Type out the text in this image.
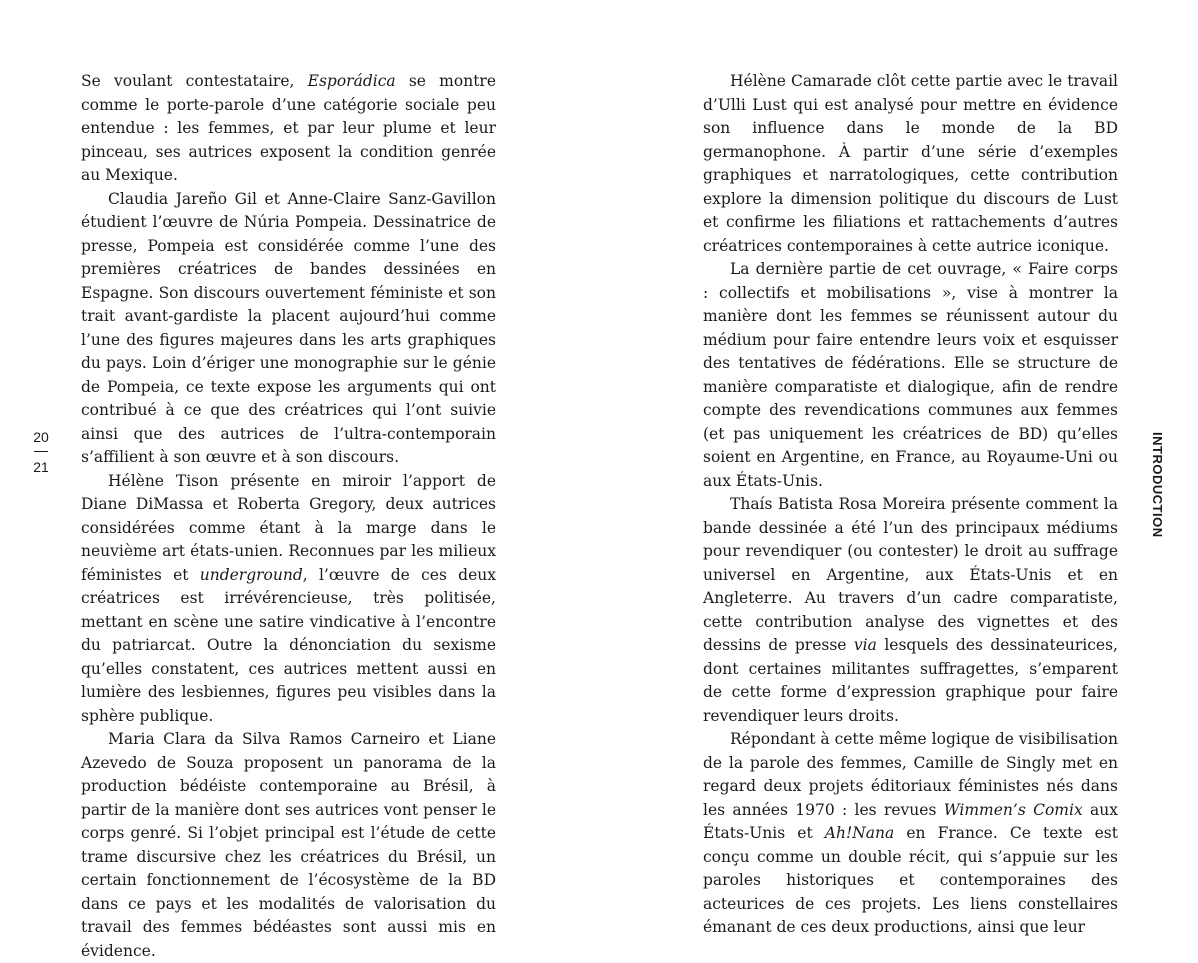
20
21

Se voulant contestataire, Esporádica se montre comme le porte-parole d’une catégorie sociale peu entendue : les femmes, et par leur plume et leur pinceau, ses autrices exposent la condition genrée au Mexique.

Claudia Jareño Gil et Anne-Claire Sanz-Gavillon étudient l’œuvre de Núria Pompeia. Dessinatrice de presse, Pompeia est considérée comme l’une des premières créatrices de bandes dessinées en Espagne. Son discours ouvertement féministe et son trait avant-gardiste la placent aujourd’hui comme l’une des figures majeures dans les arts graphiques du pays. Loin d’ériger une monographie sur le génie de Pompeia, ce texte expose les arguments qui ont contribué à ce que des créatrices qui l’ont suivie ainsi que des autrices de l’ultra-contemporain s’affilient à son œuvre et à son discours.

Hélène Tison présente en miroir l’apport de Diane DiMassa et Roberta Gregory, deux autrices considérées comme étant à la marge dans le neuvième art états-unien. Reconnues par les milieux féministes et underground, l’œuvre de ces deux créatrices est irrévérencieuse, très politisée, mettant en scène une satire vindicative à l’encontre du patriarcat. Outre la dénonciation du sexisme qu’elles constatent, ces autrices mettent aussi en lumière des lesbiennes, figures peu visibles dans la sphère publique.

Maria Clara da Silva Ramos Carneiro et Liane Azevedo de Souza proposent un panorama de la production bédéiste contemporaine au Brésil, à partir de la manière dont ses autrices vont penser le corps genré. Si l’objet principal est l’étude de cette trame discursive chez les créatrices du Brésil, un certain fonctionnement de l’écosystème de la BD dans ce pays et les modalités de valorisation du travail des femmes bédéastes sont aussi mis en évidence.

Hélène Camarade clôt cette partie avec le travail d’Ulli Lust qui est analysé pour mettre en évidence son influence dans le monde de la BD germanophone. À partir d’une série d’exemples graphiques et narratologiques, cette contribution explore la dimension politique du discours de Lust et confirme les filiations et rattachements d’autres créatrices contemporaines à cette autrice iconique.

La dernière partie de cet ouvrage, « Faire corps : collectifs et mobilisations », vise à montrer la manière dont les femmes se réunissent autour du médium pour faire entendre leurs voix et esquisser des tentatives de fédérations. Elle se structure de manière comparatiste et dialogique, afin de rendre compte des revendications communes aux femmes (et pas uniquement les créatrices de BD) qu’elles soient en Argentine, en France, au Royaume-Uni ou aux États-Unis.

Thaís Batista Rosa Moreira présente comment la bande dessinée a été l’un des principaux médiums pour revendiquer (ou contester) le droit au suffrage universel en Argentine, aux États-Unis et en Angleterre. Au travers d’un cadre comparatiste, cette contribution analyse des vignettes et des dessins de presse via lesquels des dessinateurices, dont certaines militantes suffragettes, s’emparent de cette forme d’expression graphique pour faire revendiquer leurs droits.

Répondant à cette même logique de visibilisation de la parole des femmes, Camille de Singly met en regard deux projets éditoriaux féministes nés dans les années 1970 : les revues Wimmen’s Comix aux États-Unis et Ah!Nana en France. Ce texte est conçu comme un double récit, qui s’appuie sur les paroles historiques et contemporaines des acteurices de ces projets. Les liens constellaires émanant de ces deux productions, ainsi que leur

INTRODUCTION
